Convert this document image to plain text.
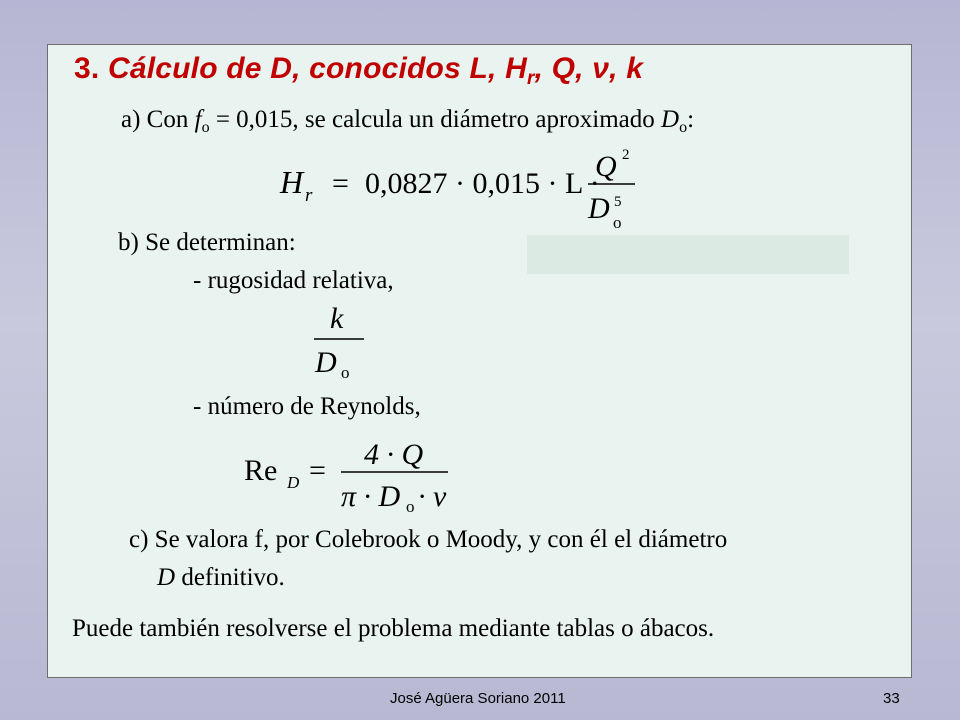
3. Cálculo de D, conocidos L, $H_r$, Q, ν, k
a) Con $f_o = 0,015$, se calcula un diámetro aproximado $D_o$:
H r = 0,0827 · 0,015 · L ·
Q 2
D 5
o
b) Se determinan:
- rugosidad relativa,
k
D o
- número de Reynolds,
Re D = 4 · Q
π · D o · ν
c) Se valora f, por Colebrook o Moody, y con él el diámetro
D definitivo.
Puede también resolverse el problema mediante tablas o ábacos.
José Agüera Soriano 2011	33
